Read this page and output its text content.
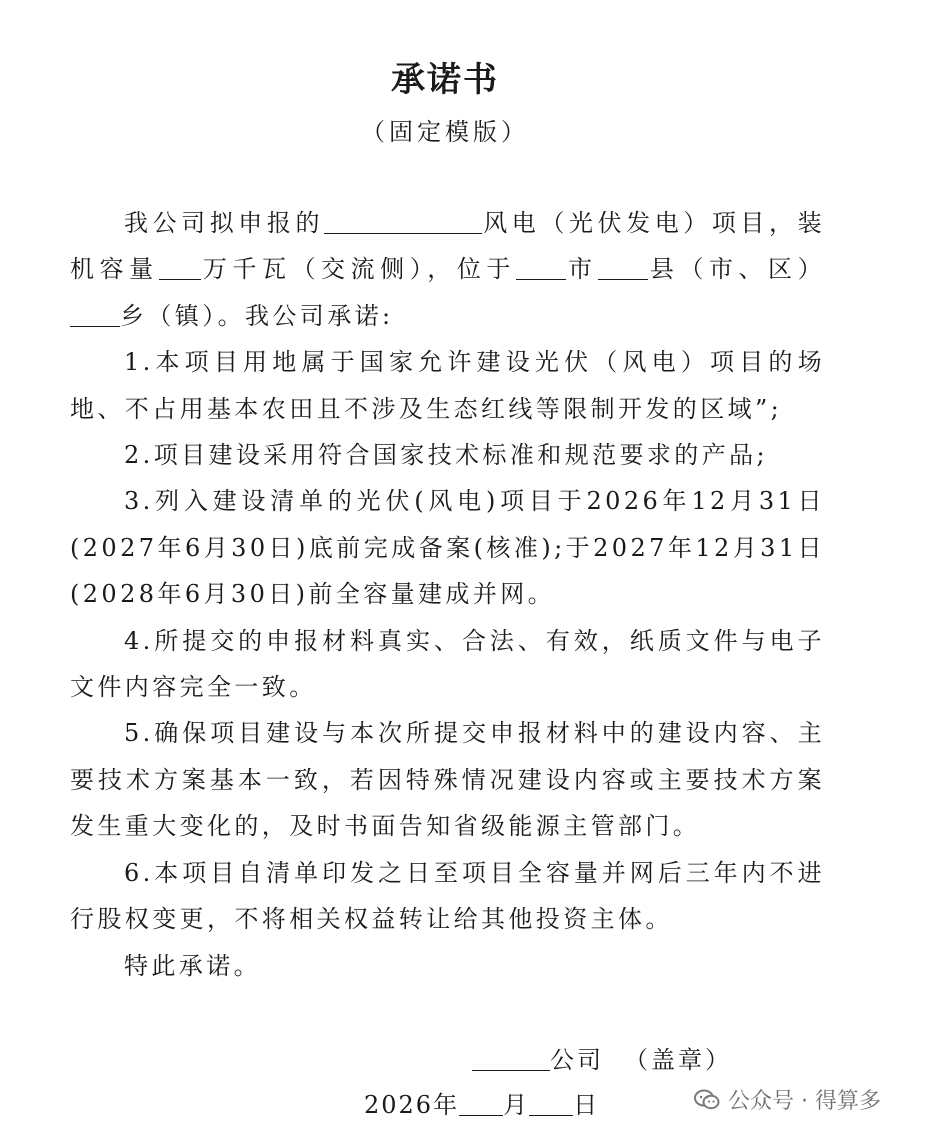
承诺书
（固定模版）

我公司拟申报的	风电（光伏发电）项目，装机容量 万千瓦（交流侧），位于 市 县（市、区）乡（镇）。我公司承诺:

1.本项目用地属于国家允许建设光伏（风电）项目的场地、不占用基本农田且不涉及生态红线等限制开发的区域”;

2.项目建设采用符合国家技术标准和规范要求的产品;

3.列入建设清单的光伏(风电)项目于2026年12月31日(2027年6月30日)底前完成备案(核准);于2027年12月31日(2028年6月30日)前全容量建成并网。

4.所提交的申报材料真实、合法、有效，纸质文件与电子文件内容完全一致。

5.确保项目建设与本次所提交申报材料中的建设内容、主要技术方案基本一致，若因特殊情况建设内容或主要技术方案发生重大变化的，及时书面告知省级能源主管部门。

6.本项目自清单印发之日至项目全容量并网后三年内不进行股权变更，不将相关权益转让给其他投资主体。

特此承诺。

公司 （盖章）
2026年 月 日	公众号 · 得算多
